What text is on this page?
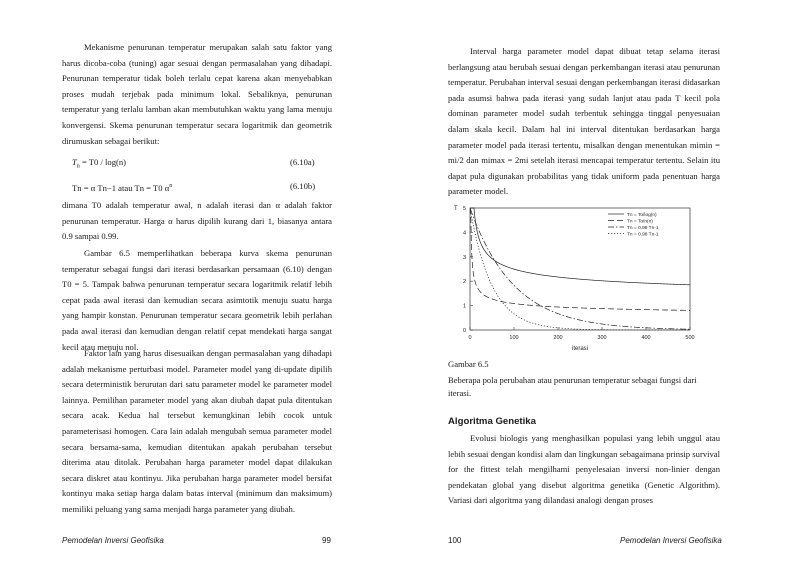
Mekanisme penurunan temperatur merupakan salah satu faktor yang harus dicoba-coba (tuning) agar sesuai dengan permasalahan yang dihadapi. Penurunan temperatur tidak boleh terlalu cepat karena akan menyebabkan proses mudah terjebak pada minimum lokal. Sebaliknya, penurunan temperatur yang terlalu lamban akan membutuhkan waktu yang lama menuju konvergensi. Skema penurunan temperatur secara logaritmik dan geometrik dirumuskan sebagai berikut:

$T_n = T0 / \log(n)$	(6.10a)
Tn = α Tn−1 atau Tn = T0 $\alpha^n$	(6.10b)

dimana T0 adalah temperatur awal, n adalah iterasi dan α adalah faktor penurunan temperatur. Harga α harus dipilih kurang dari 1, biasanya antara 0.9 sampai 0.99.

Gambar 6.5 memperlihatkan beberapa kurva skema penurunan temperatur sebagai fungsi dari iterasi berdasarkan persamaan (6.10) dengan T0 = 5. Tampak bahwa penurunan temperatur secara logaritmik relatif lebih cepat pada awal iterasi dan kemudian secara asimtotik menuju suatu harga yang hampir konstan. Penurunan temperatur secara geometrik lebih perlahan pada awal iterasi dan kemudian dengan relatif cepat mendekati harga sangat kecil atau menuju nol.

Faktor lain yang harus disesuaikan dengan permasalahan yang dihadapi adalah mekanisme perturbasi model. Parameter model yang di-update dipilih secara deterministik berurutan dari satu parameter model ke parameter model lainnya. Pemilihan parameter model yang akan diubah dapat pula ditentukan secara acak. Kedua hal tersebut kemungkinan lebih cocok untuk parameterisasi homogen. Cara lain adalah mengubah semua parameter model secara bersama-sama, kemudian ditentukan apakah perubahan tersebut diterima atau ditolak. Perubahan harga parameter model dapat dilakukan secara diskret atau kontinyu. Jika perubahan harga parameter model bersifat kontinyu maka setiap harga dalam batas interval (minimum dan maksimum) memiliki peluang yang sama menjadi harga parameter yang diubah.

Pemodelan Inversi Geofisika	99

Interval harga parameter model dapat dibuat tetap selama iterasi berlangsung atau berubah sesuai dengan perkembangan iterasi atau penurunan temperatur. Perubahan interval sesuai dengan perkembangan iterasi didasarkan pada asumsi bahwa pada iterasi yang sudah lanjut atau pada T kecil pola dominan parameter model sudah terbentuk sehingga tinggal penyesuaian dalam skala kecil. Dalam hal ini interval ditentukan berdasarkan harga parameter model pada iterasi tertentu, misalkan dengan menentukan mimin = mi/2 dan mimax = 2mi setelah iterasi mencapai temperatur tertentu. Selain itu dapat pula digunakan probabilitas yang tidak uniform pada penentuan harga parameter model.

0	100	200	300	400	500
0
1
2
3
4
5
iterasi
T
Tn = To/log(n)
Tn = To/n(n)
Tn = 0.99 Tn-1
Tn = 0.98 Tn-1
Gambar 6.5
Beberapa pola perubahan atau penurunan temperatur sebagai fungsi dari iterasi.
Algoritma Genetika

Evolusi biologis yang menghasilkan populasi yang lebih unggul atau lebih sesuai dengan kondisi alam dan lingkungan sebagaimana prinsip survival for the fittest telah mengilhami penyelesaian inversi non-linier dengan pendekatan global yang disebut algoritma genetika (Genetic Algorithm). Variasi dari algoritma yang dilandasi analogi dengan proses

100	Pemodelan Inversi Geofisika
